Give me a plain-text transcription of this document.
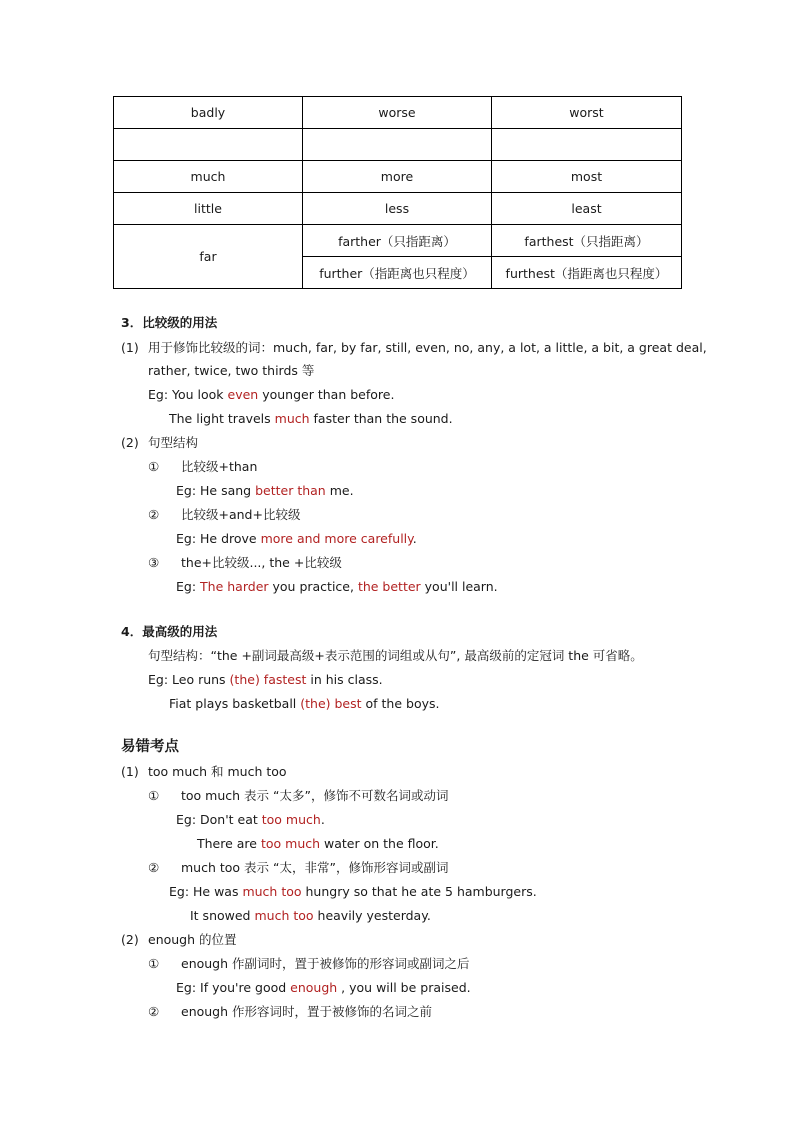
badly	worse	worst

much	more	most
little	less	least
far	farther（只指距离）	farthest（只指距离）
	further（指距离也只程度）	furthest（指距离也只程度）
3．比较级的用法
(1) 用于修饰比较级的词：much, far, by far, still, even, no, any, a lot, a little, a bit, a great deal,
rather, twice, two thirds 等
Eg: You look even younger than before.
The light travels much faster than the sound.
(2) 句型结构
① 比较级+than
Eg: He sang better than me.
② 比较级+and+比较级
Eg: He drove more and more carefully.
③ the+比较级..., the +比较级
Eg: The harder you practice, the better you'll learn.
4．最高级的用法
句型结构：“the +副词最高级+表示范围的词组或从句”, 最高级前的定冠词 the 可省略。
Eg: Leo runs (the) fastest in his class.
Fiat plays basketball (the) best of the boys.
易错考点
(1) too much 和 much too
① too much 表示 “太多”，修饰不可数名词或动词
Eg: Don't eat too much.
There are too much water on the floor.
② much too 表示 “太，非常”，修饰形容词或副词
Eg: He was much too hungry so that he ate 5 hamburgers.
It snowed much too heavily yesterday.
(2) enough 的位置
① enough 作副词时，置于被修饰的形容词或副词之后
Eg: If you're good enough , you will be praised.
② enough 作形容词时，置于被修饰的名词之前
